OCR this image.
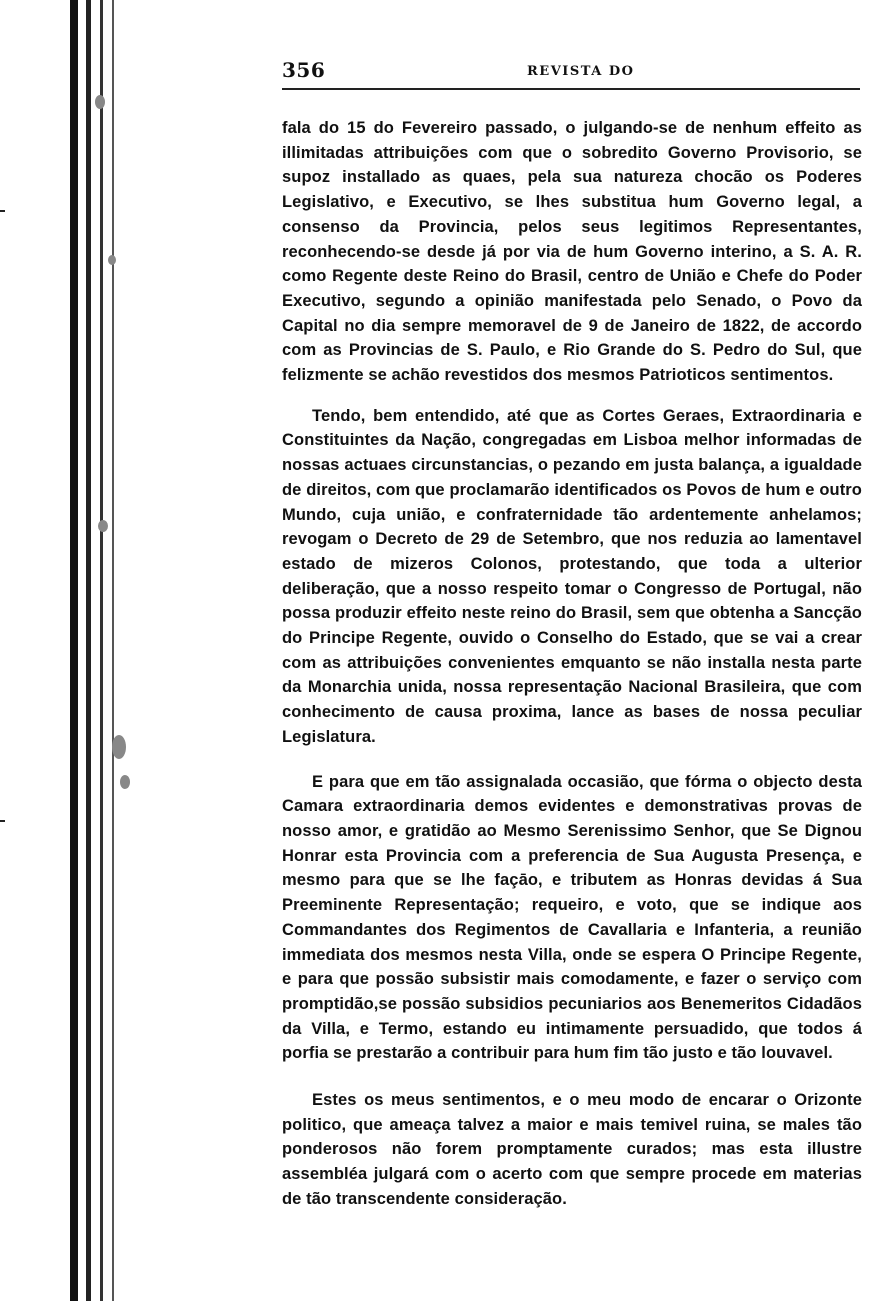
356	REVISTA DO

fala do 15 do Fevereiro passado, o julgando-se de nenhum effeito as illimitadas attribuições com que o sobredito Governo Provisorio, se supoz installado as quaes, pela sua natureza chocão os Poderes Legislativo, e Executivo, se lhes substitua hum Governo legal, a consenso da Provincia, pelos seus legitimos Representantes, reconhecendo-se desde já por via de hum Governo interino, a S. A. R. como Regente deste Reino do Brasil, centro de União e Chefe do Poder Executivo, segundo a opinião manifestada pelo Senado, o Povo da Capital no dia sempre memoravel de 9 de Janeiro de 1822, de accordo com as Provincias de S. Paulo, e Rio Grande do S. Pedro do Sul, que felizmente se achão revestidos dos mesmos Patrioticos sentimentos.

Tendo, bem entendido, até que as Cortes Geraes, Extraordinaria e Constituintes da Nação, congregadas em Lisboa melhor informadas de nossas actuaes circunstancias, o pezando em justa balança, a igualdade de direitos, com que proclamarão identificados os Povos de hum e outro Mundo, cuja união, e confraternidade tão ardentemente anhelamos; revogam o Decreto de 29 de Setembro, que nos reduzia ao lamentavel estado de mizeros Colonos, protestando, que toda a ulterior deliberação, que a nosso respeito tomar o Congresso de Portugal, não possa produzir effeito neste reino do Brasil, sem que obtenha a Sancção do Principe Regente, ouvido o Conselho do Estado, que se vai a crear com as attribuições convenientes emquanto se não installa nesta parte da Monarchia unida, nossa representação Nacional Brasileira, que com conhecimento de causa proxima, lance as bases de nossa peculiar Legislatura.

E para que em tão assignalada occasião, que fórma o objecto desta Camara extraordinaria demos evidentes e demonstrativas provas de nosso amor, e gratidão ao Mesmo Serenissimo Senhor, que Se Dignou Honrar esta Provincia com a preferencia de Sua Augusta Presença, e mesmo para que se lhe façāo, e tributem as Honras devidas á Sua Preeminente Representação; requeiro, e voto, que se indique aos Commandantes dos Regimentos de Cavallaria e Infanteria, a reunião immediata dos mesmos nesta Villa, onde se espera O Principe Regente, e para que possão subsistir mais comodamente, e fazer o serviço com promptidão,se possão subsidios pecuniarios aos Benemeritos Cidadãos da Villa, e Termo, estando eu intimamente persuadido, que todos á porfia se prestarão a contribuir para hum fim tão justo e tão louvavel.

Estes os meus sentimentos, e o meu modo de encarar o Orizonte politico, que ameaça talvez a maior e mais temivel ruina, se males tão ponderosos não forem promptamente curados; mas esta illustre assembléa julgará com o acerto com que sempre procede em materias de tão transcendente consideração.
